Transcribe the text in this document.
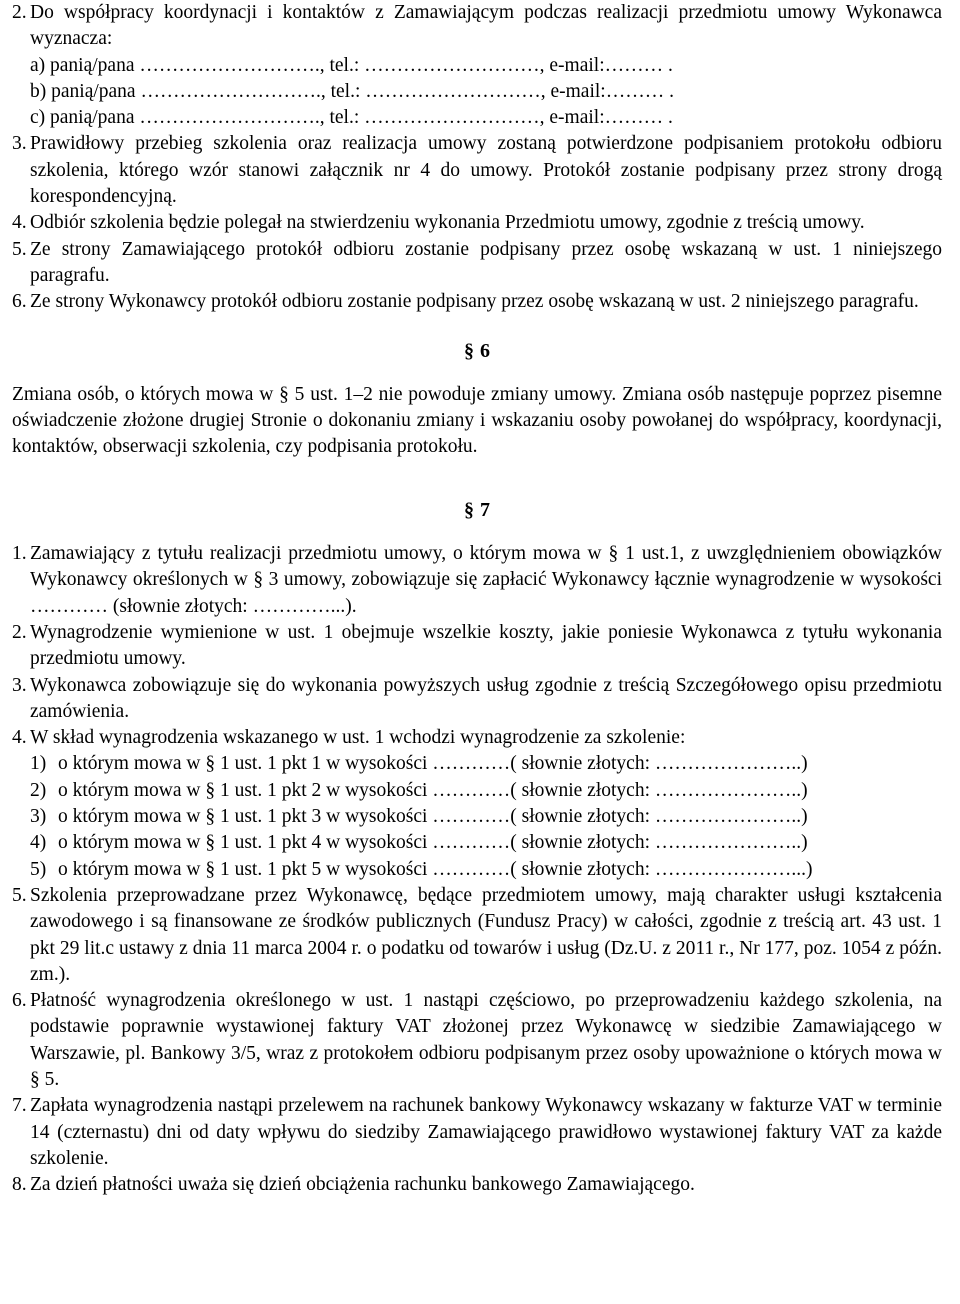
2. Do współpracy koordynacji i kontaktów z Zamawiającym podczas realizacji przedmiotu umowy Wykonawca wyznacza:
a) panią/pana ………………………., tel.: ………………………, e-mail:……… .
b) panią/pana ………………………., tel.: ………………………, e-mail:……… .
c) panią/pana ………………………., tel.: ………………………, e-mail:……… .
3. Prawidłowy przebieg szkolenia oraz realizacja umowy zostaną potwierdzone podpisaniem protokołu odbioru szkolenia, którego wzór stanowi załącznik nr 4 do umowy. Protokół zostanie podpisany przez strony drogą korespondencyjną.
4. Odbiór szkolenia będzie polegał na stwierdzeniu wykonania Przedmiotu umowy, zgodnie z treścią umowy.
5. Ze strony Zamawiającego protokół odbioru zostanie podpisany przez osobę wskazaną w ust. 1 niniejszego paragrafu.
6. Ze strony Wykonawcy protokół odbioru zostanie podpisany przez osobę wskazaną w ust. 2 niniejszego paragrafu.
§ 6
Zmiana osób, o których mowa w § 5 ust. 1–2 nie powoduje zmiany umowy. Zmiana osób następuje poprzez pisemne oświadczenie złożone drugiej Stronie o dokonaniu zmiany i wskazaniu osoby powołanej do współpracy, koordynacji, kontaktów, obserwacji szkolenia, czy podpisania protokołu.
§ 7
1. Zamawiający z tytułu realizacji przedmiotu umowy, o którym mowa w § 1 ust.1, z uwzględnieniem obowiązków Wykonawcy określonych w § 3 umowy, zobowiązuje się zapłacić Wykonawcy łącznie wynagrodzenie w wysokości ………… (słownie złotych: …………...).
2. Wynagrodzenie wymienione w ust. 1 obejmuje wszelkie koszty, jakie poniesie Wykonawca z tytułu wykonania przedmiotu umowy.
3. Wykonawca zobowiązuje się do wykonania powyższych usług zgodnie z treścią Szczegółowego opisu przedmiotu zamówienia.
4. W skład wynagrodzenia wskazanego w ust. 1 wchodzi wynagrodzenie za szkolenie:
1) o którym mowa w § 1 ust. 1 pkt 1 w wysokości …………( słownie złotych: …………………..)
2) o którym mowa w § 1 ust. 1 pkt 2 w wysokości …………( słownie złotych: …………………..)
3) o którym mowa w § 1 ust. 1 pkt 3 w wysokości …………( słownie złotych: …………………..)
4) o którym mowa w § 1 ust. 1 pkt 4 w wysokości …………( słownie złotych: …………………..)
5) o którym mowa w § 1 ust. 1 pkt 5 w wysokości …………( słownie złotych: …………………...)
5. Szkolenia przeprowadzane przez Wykonawcę, będące przedmiotem umowy, mają charakter usługi kształcenia zawodowego i są finansowane ze środków publicznych (Fundusz Pracy) w całości, zgodnie z treścią art. 43 ust. 1 pkt 29 lit.c ustawy z dnia 11 marca 2004 r. o podatku od towarów i usług (Dz.U. z 2011 r., Nr 177, poz. 1054 z późn. zm.).
6. Płatność wynagrodzenia określonego w ust. 1 nastąpi częściowo, po przeprowadzeniu każdego szkolenia, na podstawie poprawnie wystawionej faktury VAT złożonej przez Wykonawcę w siedzibie Zamawiającego w Warszawie, pl. Bankowy 3/5, wraz z protokołem odbioru podpisanym przez osoby upoważnione o których mowa w § 5.
7. Zapłata wynagrodzenia nastąpi przelewem na rachunek bankowy Wykonawcy wskazany w fakturze VAT w terminie 14 (czternastu) dni od daty wpływu do siedziby Zamawiającego prawidłowo wystawionej faktury VAT za każde szkolenie.
8. Za dzień płatności uważa się dzień obciążenia rachunku bankowego Zamawiającego.
